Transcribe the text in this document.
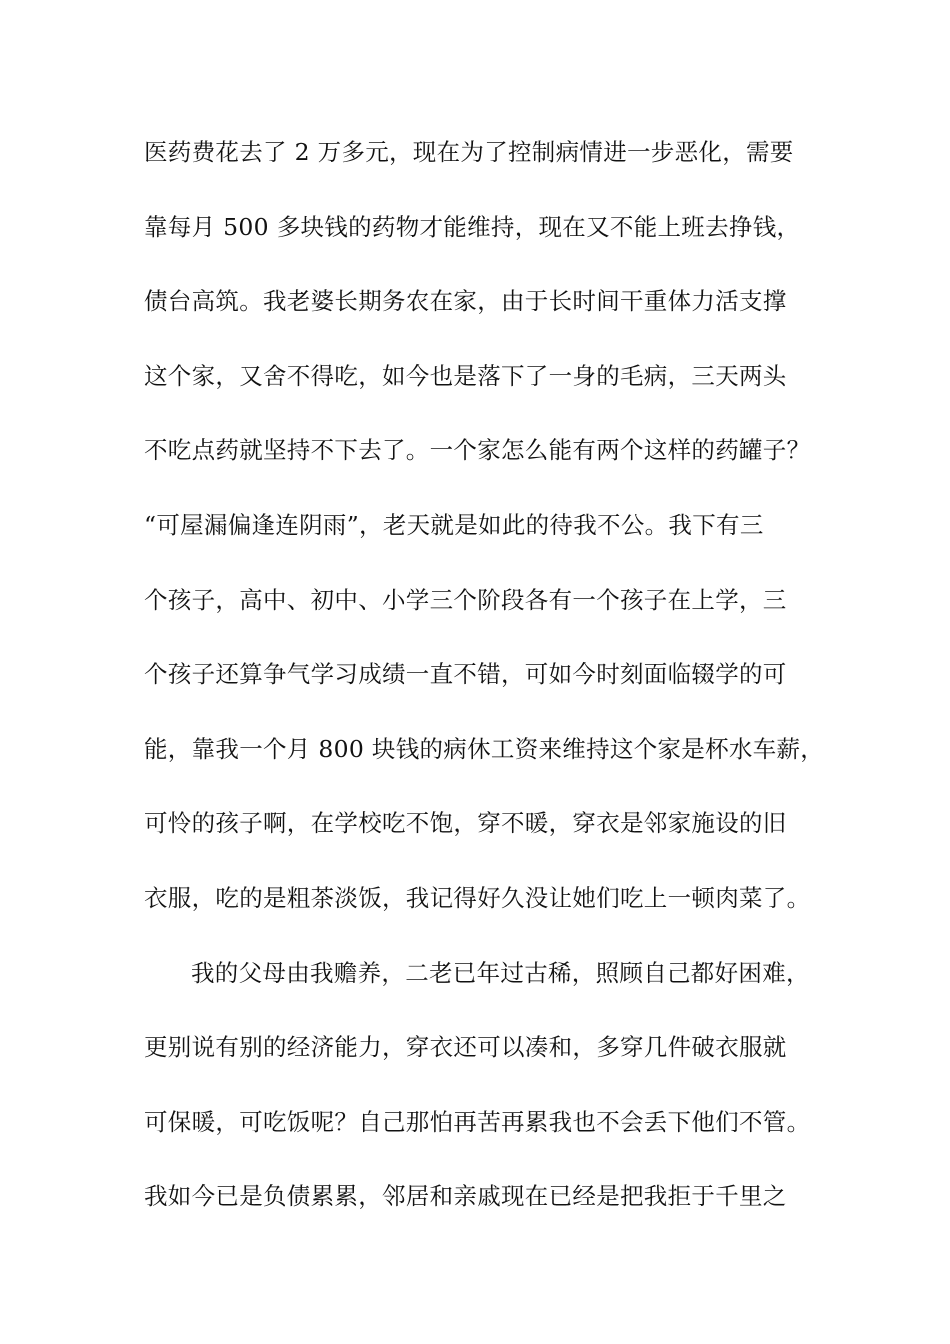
医药费花去了 2 万多元，现在为了控制病情进一步恶化，需要
靠每月 500 多块钱的药物才能维持，现在又不能上班去挣钱，
债台高筑。我老婆长期务农在家，由于长时间干重体力活支撑
这个家，又舍不得吃，如今也是落下了一身的毛病，三天两头
不吃点药就坚持不下去了。一个家怎么能有两个这样的药罐子？
“可屋漏偏逢连阴雨”，老天就是如此的待我不公。我下有三
个孩子，高中、初中、小学三个阶段各有一个孩子在上学，三
个孩子还算争气学习成绩一直不错，可如今时刻面临辍学的可
能，靠我一个月 800 块钱的病休工资来维持这个家是杯水车薪，
可怜的孩子啊，在学校吃不饱，穿不暖，穿衣是邻家施设的旧
衣服，吃的是粗茶淡饭，我记得好久没让她们吃上一顿肉菜了。
我的父母由我赡养，二老已年过古稀，照顾自己都好困难，
更别说有别的经济能力，穿衣还可以凑和，多穿几件破衣服就
可保暖，可吃饭呢？自己那怕再苦再累我也不会丢下他们不管。
我如今已是负债累累，邻居和亲戚现在已经是把我拒于千里之
